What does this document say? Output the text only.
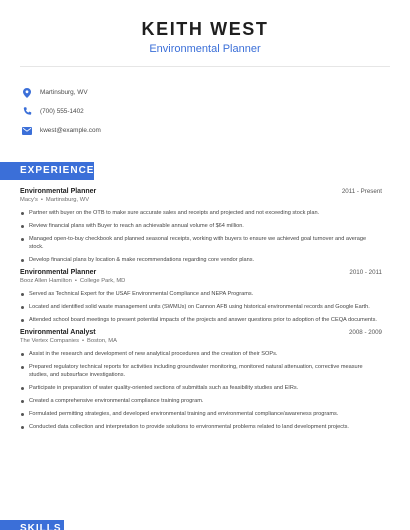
KEITH WEST
Environmental Planner
Martinsburg, WV
(700) 555-1402
kwest@example.com
EXPERIENCE
Environmental Planner	2011 - Present
Macy's • Martinsburg, WV
Partner with buyer on the OTB to make sure accurate sales and receipts and projected and not exceeding stock plan.
Review financial plans with Buyer to reach an achievable annual volume of $64 million.
Managed open-to-buy checkbook and planned seasonal receipts, working with buyers to ensure we achieved goal turnover and average stock.
Develop financial plans by location & make recommendations regarding core vendor plans.
Environmental Planner	2010 - 2011
Booz Allen Hamilton • College Park, MD
Served as Technical Expert for the USAF Environmental Compliance and NEPA Programs.
Located and identified solid waste management units (SWMUs) on Cannon AFB using historical environmental records and Google Earth.
Attended school board meetings to present potential impacts of the projects and answer questions prior to adoption of the CEQA documents.
Environmental Analyst	2008 - 2009
The Vertex Companies • Boston, MA
Assist in the research and development of new analytical procedures and the creation of their SOPs.
Prepared regulatory technical reports for activities including groundwater monitoring, monitored natural attenuation, corrective measure studies, and subsurface investigations.
Participate in preparation of water quality-oriented sections of submittals such as feasibility studies and EIRs.
Created a comprehensive environmental compliance training program.
Formulated permitting strategies, and developed environmental training and environmental compliance/awareness programs.
Conducted data collection and interpretation to provide solutions to environmental problems related to land development projects.
SKILLS
